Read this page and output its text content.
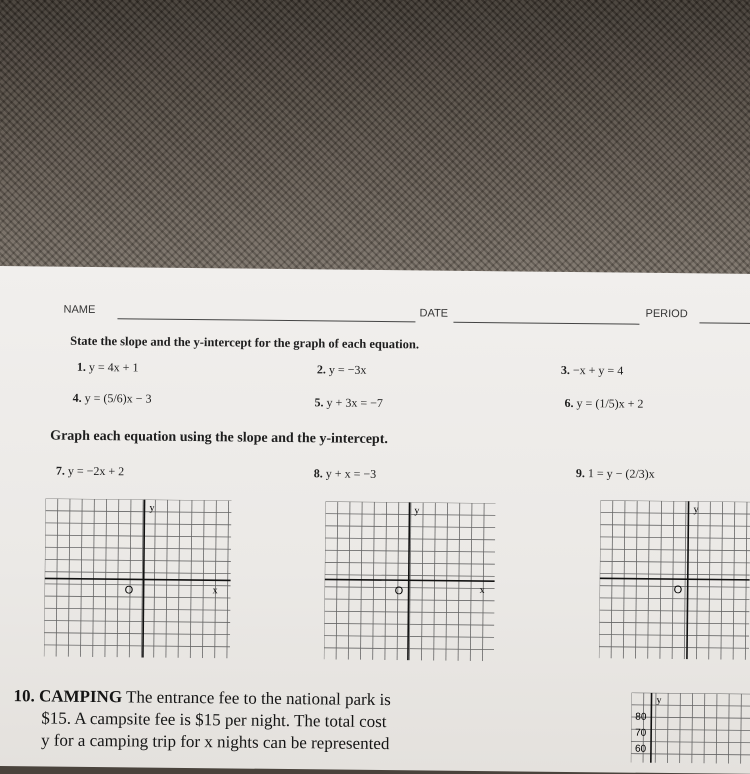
NAME	DATE	PERIOD
State the slope and the y-intercept for the graph of each equation.
1. y = 4x + 1	2. y = −3x	3. −x + y = 4
4. y = (5/6)x − 3	5. y + 3x = −7	6. y = (1/5)x + 2
Graph each equation using the slope and the y-intercept.
7. y = −2x + 2	8. y + x = −3	9. 1 = y − (2/3)x
y
x
O
y
x
O
y
O
10. CAMPING The entrance fee to the national park is
$15. A campsite fee is $15 per night. The total cost
y for a camping trip for x nights can be represented
y
80
70
60
